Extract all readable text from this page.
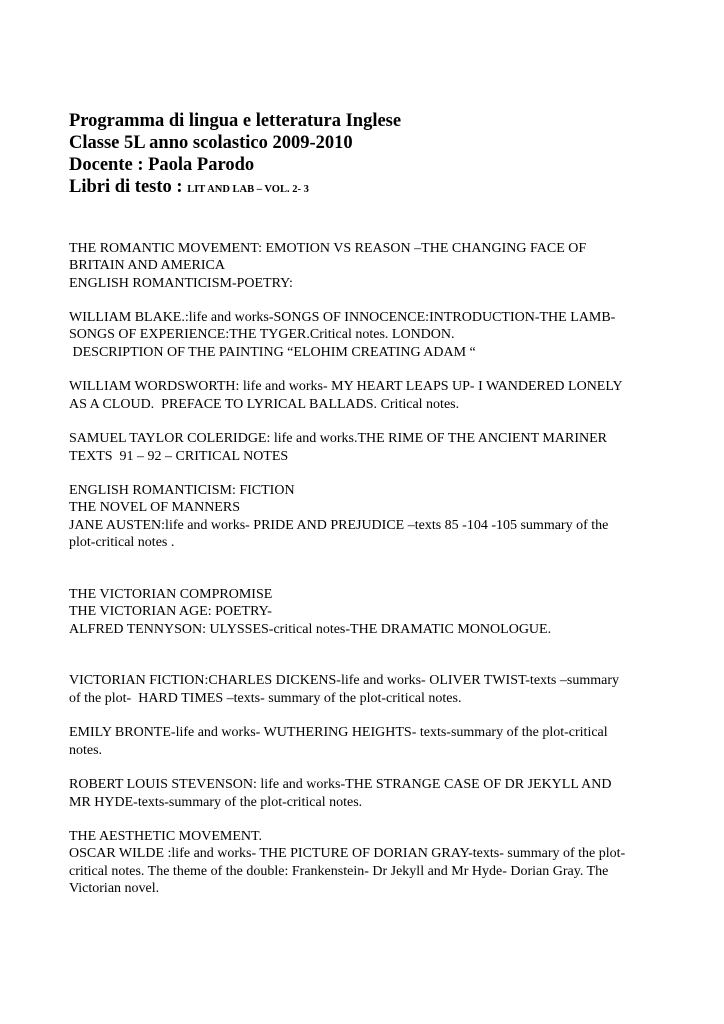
Programma di lingua e letteratura Inglese
Classe 5L anno scolastico 2009-2010
Docente : Paola Parodo
Libri di testo : LIT AND LAB – VOL. 2- 3
THE ROMANTIC MOVEMENT: EMOTION VS REASON –THE CHANGING FACE OF
BRITAIN AND AMERICA
ENGLISH ROMANTICISM-POETRY:
WILLIAM BLAKE.:life and works-SONGS OF INNOCENCE:INTRODUCTION-THE LAMB-
SONGS OF EXPERIENCE:THE TYGER.Critical notes. LONDON.
DESCRIPTION OF THE PAINTING “ELOHIM CREATING ADAM “
WILLIAM WORDSWORTH: life and works- MY HEART LEAPS UP- I WANDERED LONELY
AS A CLOUD.  PREFACE TO LYRICAL BALLADS. Critical notes.
SAMUEL TAYLOR COLERIDGE: life and works.THE RIME OF THE ANCIENT MARINER
TEXTS  91 – 92 – CRITICAL NOTES
ENGLISH ROMANTICISM: FICTION
THE NOVEL OF MANNERS
JANE AUSTEN:life and works- PRIDE AND PREJUDICE –texts 85 -104 -105 summary of the
plot-critical notes .
THE VICTORIAN COMPROMISE
THE VICTORIAN AGE: POETRY-
ALFRED TENNYSON: ULYSSES-critical notes-THE DRAMATIC MONOLOGUE.
VICTORIAN FICTION:CHARLES DICKENS-life and works- OLIVER TWIST-texts –summary
of the plot-  HARD TIMES –texts- summary of the plot-critical notes.
EMILY BRONTE-life and works- WUTHERING HEIGHTS- texts-summary of the plot-critical
notes.
ROBERT LOUIS STEVENSON: life and works-THE STRANGE CASE OF DR JEKYLL AND
MR HYDE-texts-summary of the plot-critical notes.
THE AESTHETIC MOVEMENT.
OSCAR WILDE :life and works- THE PICTURE OF DORIAN GRAY-texts- summary of the plot-
critical notes. The theme of the double: Frankenstein- Dr Jekyll and Mr Hyde- Dorian Gray. The
Victorian novel.
